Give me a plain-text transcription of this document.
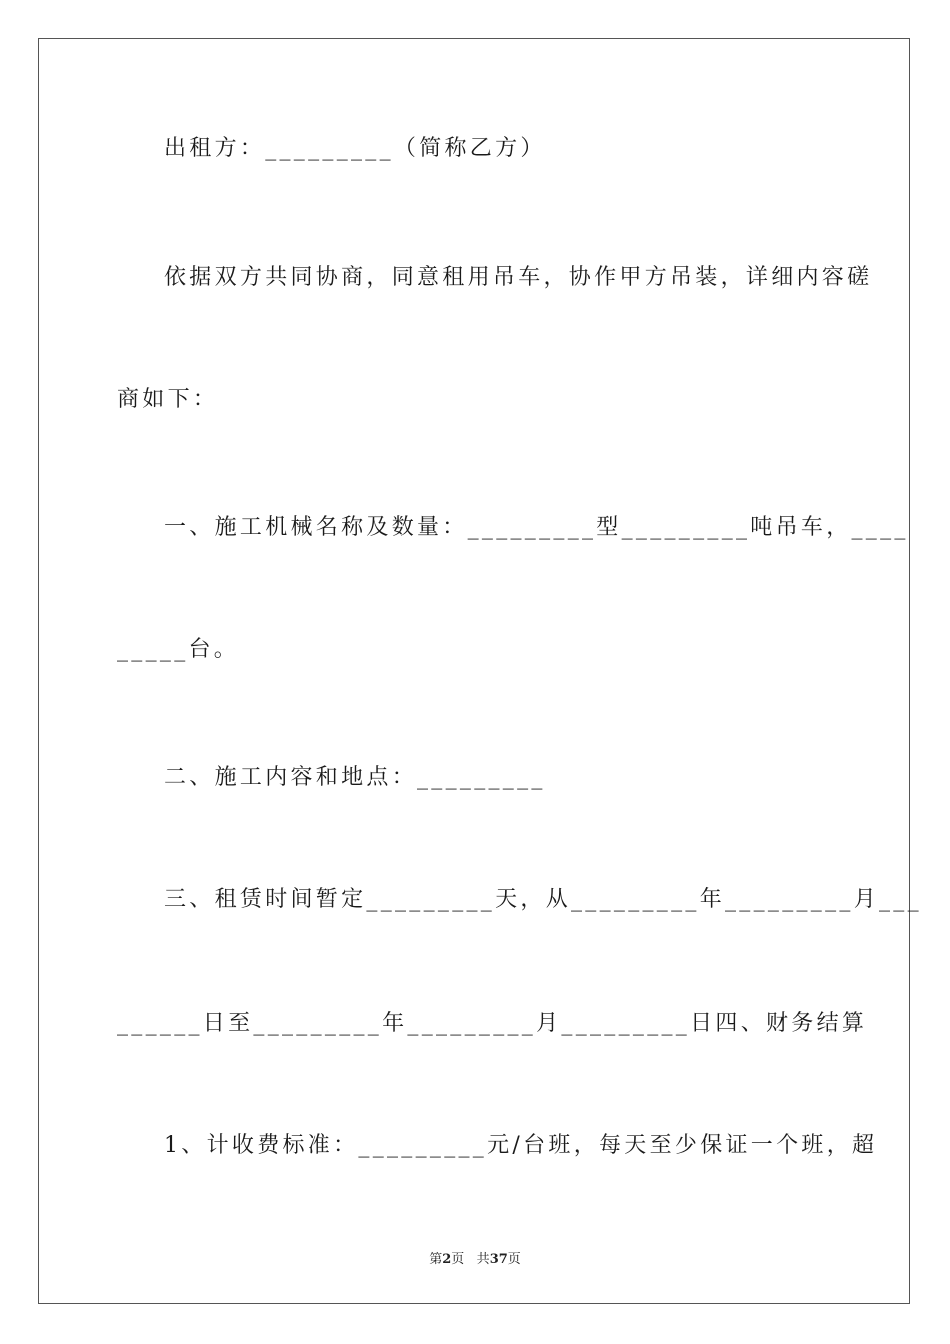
出租方：_________（简称乙方）
依据双方共同协商，同意租用吊车，协作甲方吊装，详细内容磋
商如下：
一、施工机械名称及数量：_________型_________吨吊车，____
_____台。
二、施工内容和地点：_________
三、租赁时间暂定_________天，从_________年_________月___
______日至_________年_________月_________日四、财务结算
1、计收费标准：_________元/台班，每天至少保证一个班，超
第2页 共37页
